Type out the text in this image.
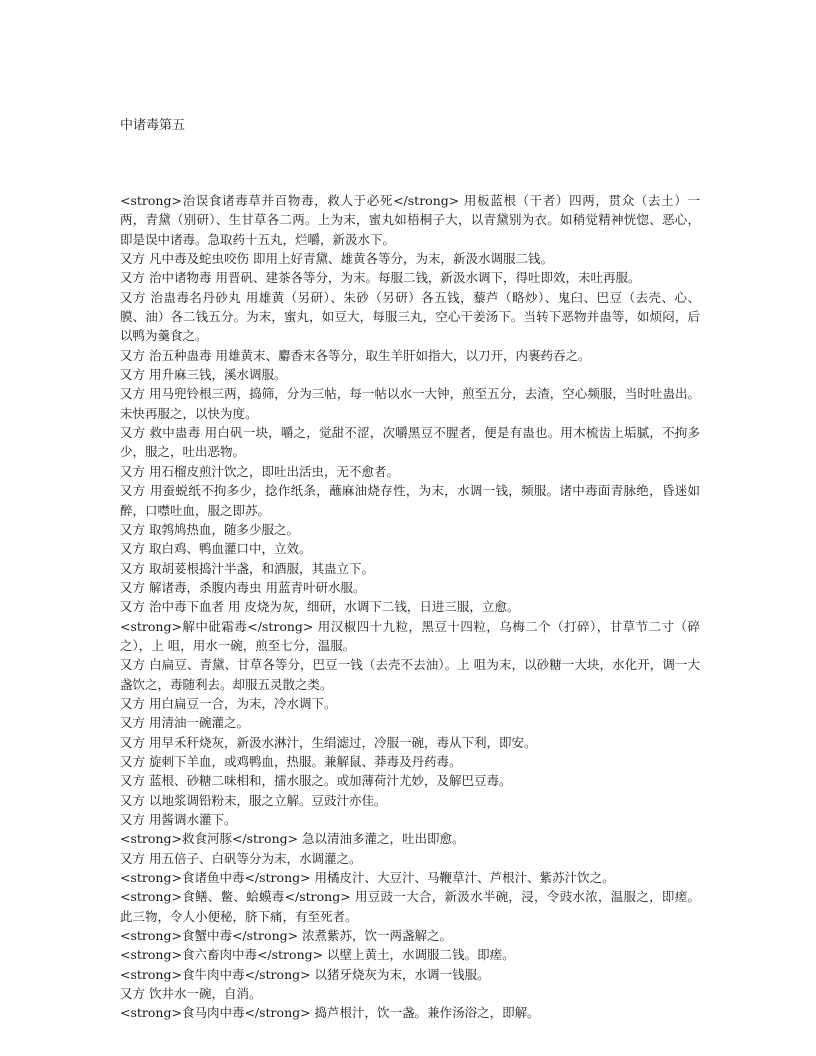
中诸毒第五

<strong>治误食诸毒草并百物毒，救人于必死</strong> 用板蓝根（干者）四两，贯众（去土）一两，青黛（别研）、生甘草各二两。上为末，蜜丸如梧桐子大，以青黛别为衣。如稍觉精神恍惚、恶心，即是误中诸毒。急取药十五丸，烂嚼，新汲水下。

又方 凡中毒及蛇虫咬伤 即用上好青黛、雄黄各等分，为末，新汲水调服二钱。

又方 治中诸物毒 用晋矾、建茶各等分，为末。每服二钱，新汲水调下，得吐即效，未吐再服。

又方 治蛊毒名丹砂丸 用雄黄（另研）、朱砂（另研）各五钱，藜芦（略炒）、鬼臼、巴豆（去壳、心、膜、油）各二钱五分。为末，蜜丸，如豆大，每服三丸，空心干姜汤下。当转下恶物并蛊等，如烦闷，后以鸭为羹食之。

又方 治五种蛊毒 用雄黄末、麝香末各等分，取生羊肝如指大，以刀开，内裹药吞之。

又方 用升麻三钱，溪水调服。

又方 用马兜铃根三两，捣筛，分为三帖，每一帖以水一大钟，煎至五分，去渣，空心频服，当时吐蛊出。未快再服之，以快为度。

又方 救中蛊毒 用白矾一块，嚼之，觉甜不涩，次嚼黑豆不腥者，便是有蛊也。用木梳齿上垢腻，不拘多少，服之，吐出恶物。

又方 用石榴皮煎汁饮之，即吐出活虫，无不愈者。

又方 用蚕蜕纸不拘多少，捻作纸条，蘸麻油烧存性，为末，水调一钱，频服。诸中毒面青脉绝，昏迷如醉，口噤吐血，服之即苏。

又方 取鹁鸠热血，随多少服之。

又方 取白鸡、鸭血灌口中，立效。

又方 取胡荽根捣汁半盏，和酒服，其蛊立下。

又方 解诸毒，杀腹内毒虫 用蓝青叶研水服。

又方 治中毒下血者 用 皮烧为灰，细研，水调下二钱，日进三服，立愈。

<strong>解中砒霜毒</strong> 用汉椒四十九粒，黑豆十四粒，乌梅二个（打碎），甘草节二寸（碎之），上 咀，用水一碗，煎至七分，温服。

又方 白扁豆、青黛、甘草各等分，巴豆一钱（去壳不去油）。上 咀为末，以砂糖一大块，水化开，调一大盏饮之，毒随利去。却服五灵散之类。

又方 用白扁豆一合，为末，冷水调下。

又方 用清油一碗灌之。

又方 用早禾秆烧灰，新汲水淋汁，生绢滤过，冷服一碗，毒从下利，即安。

又方 旋刺下羊血，或鸡鸭血，热服。兼解鼠、莽毒及丹药毒。

又方 蓝根、砂糖二味相和，擂水服之。或加薄荷汁尤妙，及解巴豆毒。

又方 以地浆调铅粉末，服之立解。豆豉汁亦佳。

又方 用酱调水灌下。

<strong>救食河豚</strong> 急以清油多灌之，吐出即愈。

又方 用五倍子、白矾等分为末，水调灌之。

<strong>食诸鱼中毒</strong> 用橘皮汁、大豆汁、马鞭草汁、芦根汁、紫苏汁饮之。

<strong>食鳝、鳖、蛤蟆毒</strong> 用豆豉一大合，新汲水半碗，浸，令豉水浓，温服之，即瘥。此三物，令人小便秘，脐下痛，有至死者。

<strong>食蟹中毒</strong> 浓煮紫苏，饮一两盏解之。

<strong>食六畜肉中毒</strong> 以壁上黄土，水调服二钱。即瘥。

<strong>食牛肉中毒</strong> 以猪牙烧灰为末，水调一钱服。

又方 饮井水一碗，自消。

<strong>食马肉中毒</strong> 捣芦根汁，饮一盏。兼作汤浴之，即解。
